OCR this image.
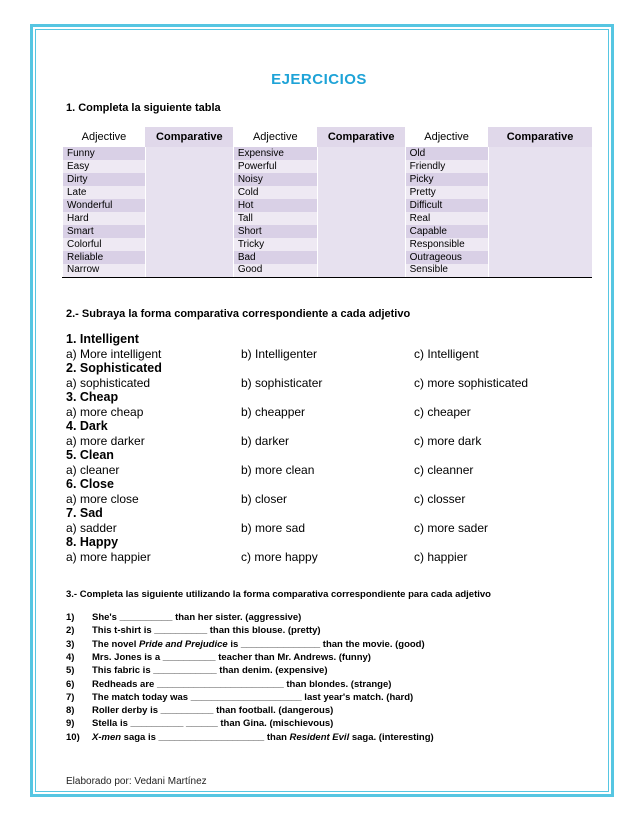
EJERCICIOS
1. Completa la siguiente tabla
Adjective	Comparative	Adjective	Comparative	Adjective	Comparative
Funny		Expensive		Old	
Easy		Powerful		Friendly	
Dirty		Noisy		Picky	
Late		Cold		Pretty	
Wonderful		Hot		Difficult	
Hard		Tall		Real	
Smart		Short		Capable	
Colorful		Tricky		Responsible	
Reliable		Bad		Outrageous	
Narrow		Good		Sensible	
2.- Subraya la forma comparativa correspondiente a cada adjetivo
1. Intelligent
a) More intelligent	b) Intelligenter	c) Intelligent
2. Sophisticated
a) sophisticated	b) sophisticater	c) more sophisticated
3. Cheap
a) more cheap	b) cheapper	c) cheaper
4. Dark
a) more darker	b) darker	c) more dark
5. Clean
a) cleaner	b) more clean	c) cleanner
6. Close
a) more close	b) closer	c) closser
7. Sad
a) sadder	b) more sad	c) more sader
8. Happy
a) more happier	c) more happy	c) happier
3.- Completa las siguiente utilizando la forma comparativa correspondiente para cada adjetivo
1) She's __________ than her sister. (aggressive)
2) This t-shirt is __________ than this blouse. (pretty)
3) The novel Pride and Prejudice is _______________ than the movie. (good)
4) Mrs. Jones is a __________ teacher than Mr. Andrews. (funny)
5) This fabric is ____________ than denim. (expensive)
6) Redheads are ________________________ than blondes. (strange)
7) The match today was _____________________ last year's match. (hard)
8) Roller derby is __________ than football. (dangerous)
9) Stella is __________ ______ than Gina. (mischievous)
10) X-men saga is ____________________ than Resident Evil saga. (interesting)
Elaborado por: Vedani Martínez
